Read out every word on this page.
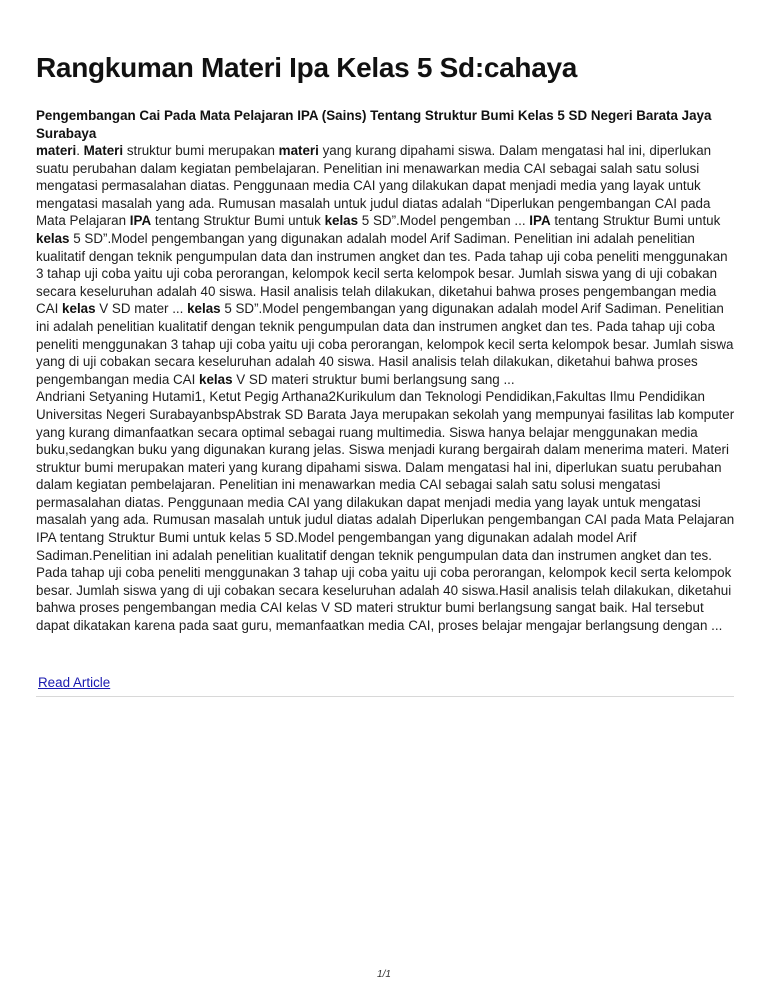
Rangkuman Materi Ipa Kelas 5 Sd:cahaya
Pengembangan Cai Pada Mata Pelajaran IPA (Sains) Tentang Struktur Bumi Kelas 5 SD Negeri Barata Jaya Surabaya
materi. Materi struktur bumi merupakan materi yang kurang dipahami siswa. Dalam mengatasi hal ini, diperlukan suatu perubahan dalam kegiatan pembelajaran. Penelitian ini menawarkan media CAI sebagai salah satu solusi mengatasi permasalahan diatas. Penggunaan media CAI yang dilakukan dapat menjadi media yang layak untuk mengatasi masalah yang ada. Rumusan masalah untuk judul diatas adalah “Diperlukan pengembangan CAI pada Mata Pelajaran IPA tentang Struktur Bumi untuk kelas 5 SD”.Model pengemban ... IPA tentang Struktur Bumi untuk kelas 5 SD”.Model pengembangan yang digunakan adalah model Arif Sadiman. Penelitian ini adalah penelitian kualitatif dengan teknik pengumpulan data dan instrumen angket dan tes. Pada tahap uji coba peneliti menggunakan 3 tahap uji coba yaitu uji coba perorangan, kelompok kecil serta kelompok besar. Jumlah siswa yang di uji cobakan secara keseluruhan adalah 40 siswa. Hasil analisis telah dilakukan, diketahui bahwa proses pengembangan media CAI kelas V SD mater ... kelas 5 SD”.Model pengembangan yang digunakan adalah model Arif Sadiman. Penelitian ini adalah penelitian kualitatif dengan teknik pengumpulan data dan instrumen angket dan tes. Pada tahap uji coba peneliti menggunakan 3 tahap uji coba yaitu uji coba perorangan, kelompok kecil serta kelompok besar. Jumlah siswa yang di uji cobakan secara keseluruhan adalah 40 siswa. Hasil analisis telah dilakukan, diketahui bahwa proses pengembangan media CAI kelas V SD materi struktur bumi berlangsung sang ...
Andriani Setyaning Hutami1, Ketut Pegig Arthana2Kurikulum dan Teknologi Pendidikan,Fakultas Ilmu Pendidikan Universitas Negeri SurabayanbspAbstrak SD Barata Jaya merupakan sekolah yang mempunyai fasilitas lab komputer yang kurang dimanfaatkan secara optimal sebagai ruang multimedia. Siswa hanya belajar menggunakan media buku,sedangkan buku yang digunakan kurang jelas. Siswa menjadi kurang bergairah dalam menerima materi. Materi struktur bumi merupakan materi yang kurang dipahami siswa. Dalam mengatasi hal ini, diperlukan suatu perubahan dalam kegiatan pembelajaran. Penelitian ini menawarkan media CAI sebagai salah satu solusi mengatasi permasalahan diatas. Penggunaan media CAI yang dilakukan dapat menjadi media yang layak untuk mengatasi masalah yang ada. Rumusan masalah untuk judul diatas adalah Diperlukan pengembangan CAI pada Mata Pelajaran IPA tentang Struktur Bumi untuk kelas 5 SD.Model pengembangan yang digunakan adalah model Arif Sadiman.Penelitian ini adalah penelitian kualitatif dengan teknik pengumpulan data dan instrumen angket dan tes. Pada tahap uji coba peneliti menggunakan 3 tahap uji coba yaitu uji coba perorangan, kelompok kecil serta kelompok besar. Jumlah siswa yang di uji cobakan secara keseluruhan adalah 40 siswa.Hasil analisis telah dilakukan, diketahui bahwa proses pengembangan media CAI kelas V SD materi struktur bumi berlangsung sangat baik. Hal tersebut dapat dikatakan karena pada saat guru, memanfaatkan media CAI, proses belajar mengajar berlangsung dengan ...
Read Article
1/1
